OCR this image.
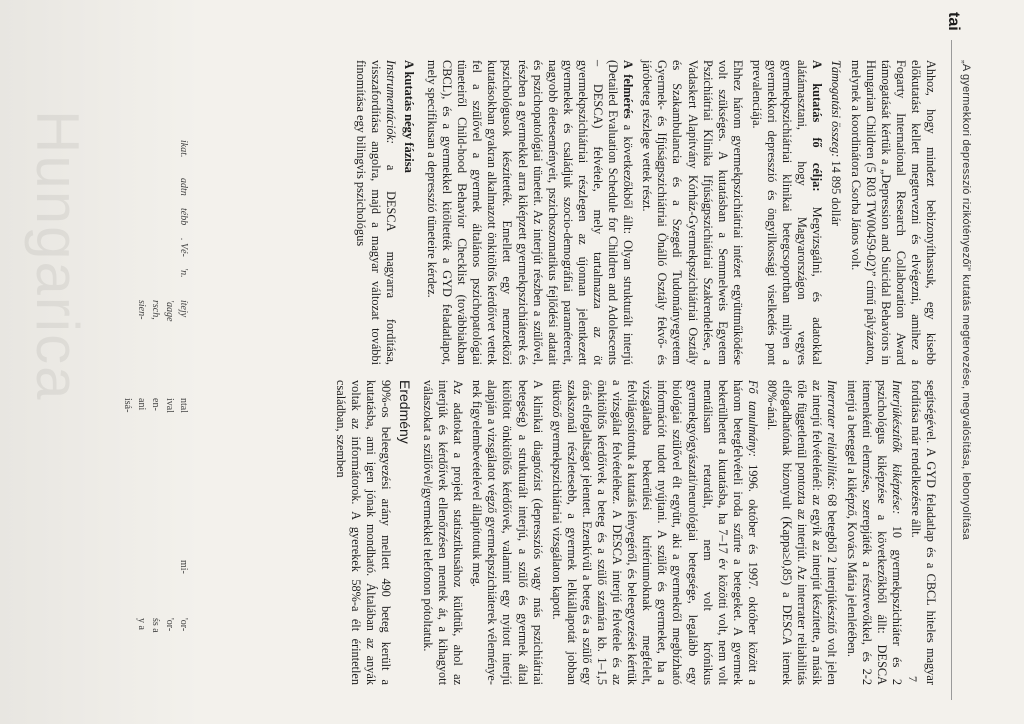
tai
ikat.
adtn
tébb
. Vé-
'n.
ítejy
'aage
rsch,
sien-
ntal
ival
en-
ani
isá-
mi-
'or-
'or-
śs a
y a
Hungarica	„A gyermekkori depresszió rizikótényezői” kutatás megtervezése, megvalósítása, lebonyolítása
7

Ahhoz, hogy mindezt bebizonyíthassuk, egy kisebb előkutatást kellett megtervezni és elvégezni, amihez a Fogarty International Research Collaboration Award támogatását kértük a „Depression and Suicidal Behaviors in Hungarian Children (5 R03 TW00459-02)” című pályázaton, melynek a koordinátora Csorba János volt.

Támogatási összeg: 14 895 dollár

A kutatás fő célja: Megvizsgálni, és adatokkal alátámasztani, hogy Magyarországon vegyes gyermekpszichiátriai klinikai betegcsoportban milyen a gyermekkori depresszió és öngyilkossági viselkedés pont prevalenciája.

Ehhez három gyermekpszichiátriai intézet együttműködése volt szükséges. A kutatásban a Semmelweis Egyetem Pszichiátriai Klinika Ifjúságpszichiátriai Szakrendelése, a Vadaskert Alapítvány Kórház-Gyermekpszichiátriai Osztály és Szakambulancia és a Szegedi Tudományegyetem Gyermek- és Ifjúságpszichiátriai Önálló Osztály fekvő- és járóbeteg részlege vettek részt.

A felmérés a következőkből állt: Olyan strukturált interjú (Detailed Evaluation Schedule for Children and Adolescents – DESCA) felvétele, mely tartalmazza az öt gyermekpszichiátriai részlegen az újonnan jelentkezett gyermekek és családjuk szocio-demográfiai paramétereit, nagyobb életeseményeit, pszichoszomatikus fejlődési adatait és pszichopatológiai tüneteit. Az interjút részben a szülővel, részben a gyermekkel arra kiképzett gyermekpszichiáterek és pszichológusok készítették. Emellett egy nemzetközi kutatásokban gyakran alkalmazott önkitöltős kérdőívet vettek fel a szülővel a gyermek általános pszichopatológiai tüneteiről Child-hood Behavior Checklist (továbbiakban CBCL), és a gyermekkel kitöltették a GYD feladatlapot, mely specifikusan a depresszió tüneteire kérdez.

A kutatás négy fázisa

Instrumentációk: a DESCA magyarra fordítása, visszafordítása angolra, majd a magyar változat további finomítása egy bilingvis pszichológus

segítségével. A GYD feladatlap és a CBCL hiteles magyar fordítása már rendelkezésre állt.

Interjúkészítők kiképzése: 10 gyermekpszichiáter és 2 pszichológus kiképzése a következőkből állt: DESCA itemenkénti elemzése, szerepjáték a résztvevőkkel, és 2-2 interjú a beteggel a kiképző, Kovács Mária jelenlétében.

Interrater reliabilitás: 68 betegből 2 interjúkészítő volt jelen az interjú felvételénél: az egyik az interjút készítette, a másik tőle függetlenül pontozta az interjút. Az interrater reliabilitás elfogadhatónak bizonyult (Kappa≥0,85) a DESCA itemek 80%-ánál.

Fő tanulmány: 1996. október és 1997. október között a három betegfelvételi iroda szűrte a betegeket. A gyermek bekerülhetett a kutatásba, ha 7–17 év közötti volt, nem volt mentálisan retardált, nem volt krónikus gyermekgyógyászati/neurológiai betegsége, legalább egy biológiai szülővel élt együtt, aki a gyermekről megbízható információt tudott nyújtani. A szülőt és gyermeket, ha a vizsgálatba bekerülési kritériumoknak megfelelt, felvilágosítottuk a kutatás lényegéről, és beleegyezését kértük a vizsgálat felvételéhez. A DESCA interjú felvétele és az önkitöltős kérdőívek a beteg és a szülő számára kb. 1–1,5 órás elfoglaltságot jelentett. Ezenkívül a beteg és a szülő egy szakszonál részletesebb, a gyermek lelkiállapotát jobban tükröző gyermekpszichiátriai vizsgálaton kapott.

A klinikai diagnózist (depressziós vagy más pszichiátriai betegség) a strukturált interjú, a szülő és gyermek által kitöltött önkitöltős kérdőívek, valamint egy nyitott interjú alapján a vizsgálatot végző gyermekpszichiáterek véleménye-nek figyelembevételével állapítottuk meg.

Az adatokat a projekt statisztikusához küldtük, ahol az interjúk és kérdőívek ellenőrzésen mentek át, a kihagyott válaszokat a szülővel/gyermekkel telefonon pótoltatuk.

Eredmény

90%-os beleegyezési arány mellett 490 beteg került a kutatásba, ami igen jónak mondható. Általában az anyák voltak az informátorok. A gyerekek 58%-a élt érintetlen családban, szemben
